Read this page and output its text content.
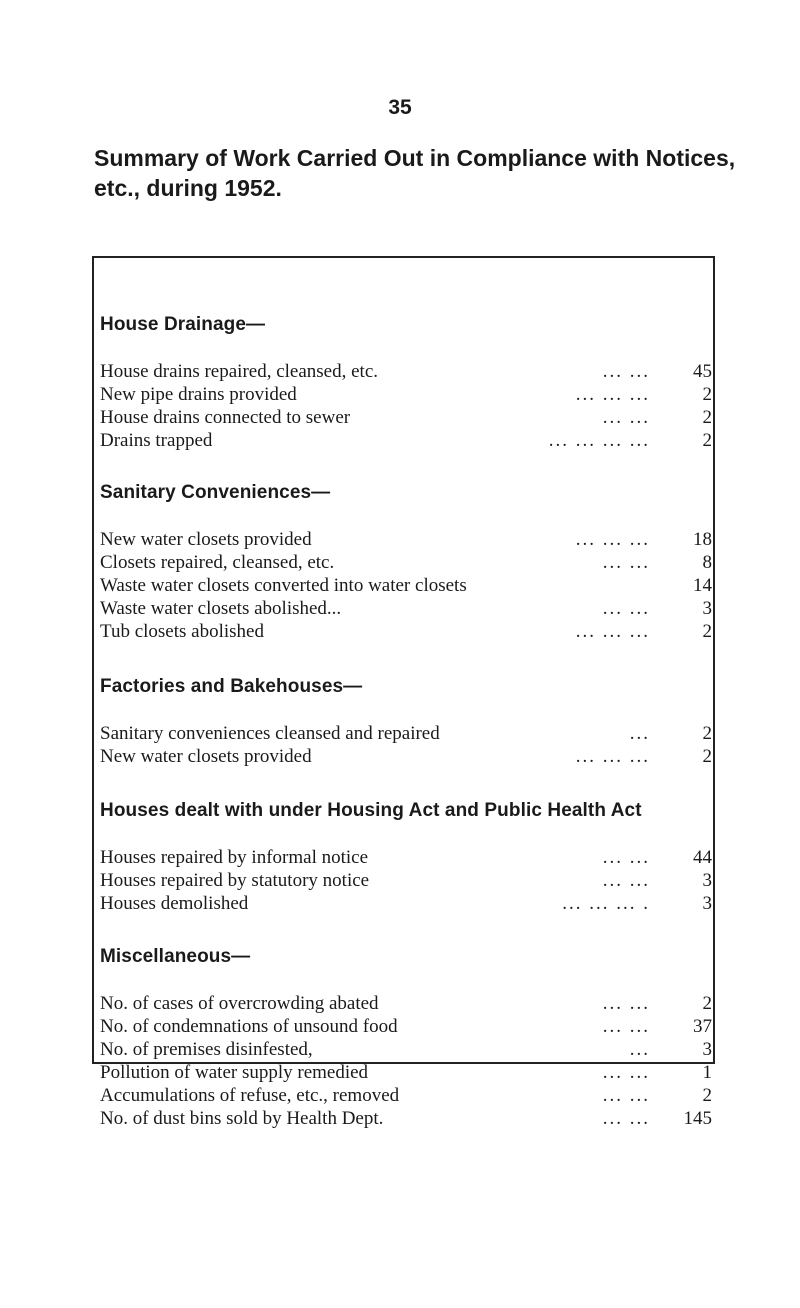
35
Summary of Work Carried Out in Compliance with Notices, etc., during 1952.
House Drainage—
House drains repaired, cleansed, etc.	... ...	45
New pipe drains provided	... ... ...	2
House drains connected to sewer	... ...	2
Drains trapped	... ... ... ...	2
Sanitary Conveniences—
New water closets provided	... ... ...	18
Closets repaired, cleansed, etc.	... ...	8
Waste water closets converted into water closets	14
Waste water closets abolished...	... ...	3
Tub closets abolished	... ... ...	2
Factories and Bakehouses—
Sanitary conveniences cleansed and repaired	...	2
New water closets provided	... ... ...	2
Houses dealt with under Housing Act and Public Health Act
Houses repaired by informal notice	... ...	44
Houses repaired by statutory notice	... ...	3
Houses demolished	... ... ... .	3
Miscellaneous—
No. of cases of overcrowding abated	... ...	2
No. of condemnations of unsound food	... ...	37
No. of premises disinfested,	...	3
Pollution of water supply remedied	... ...	1
Accumulations of refuse, etc., removed	... ...	2
No. of dust bins sold by Health Dept.	... ...	145
